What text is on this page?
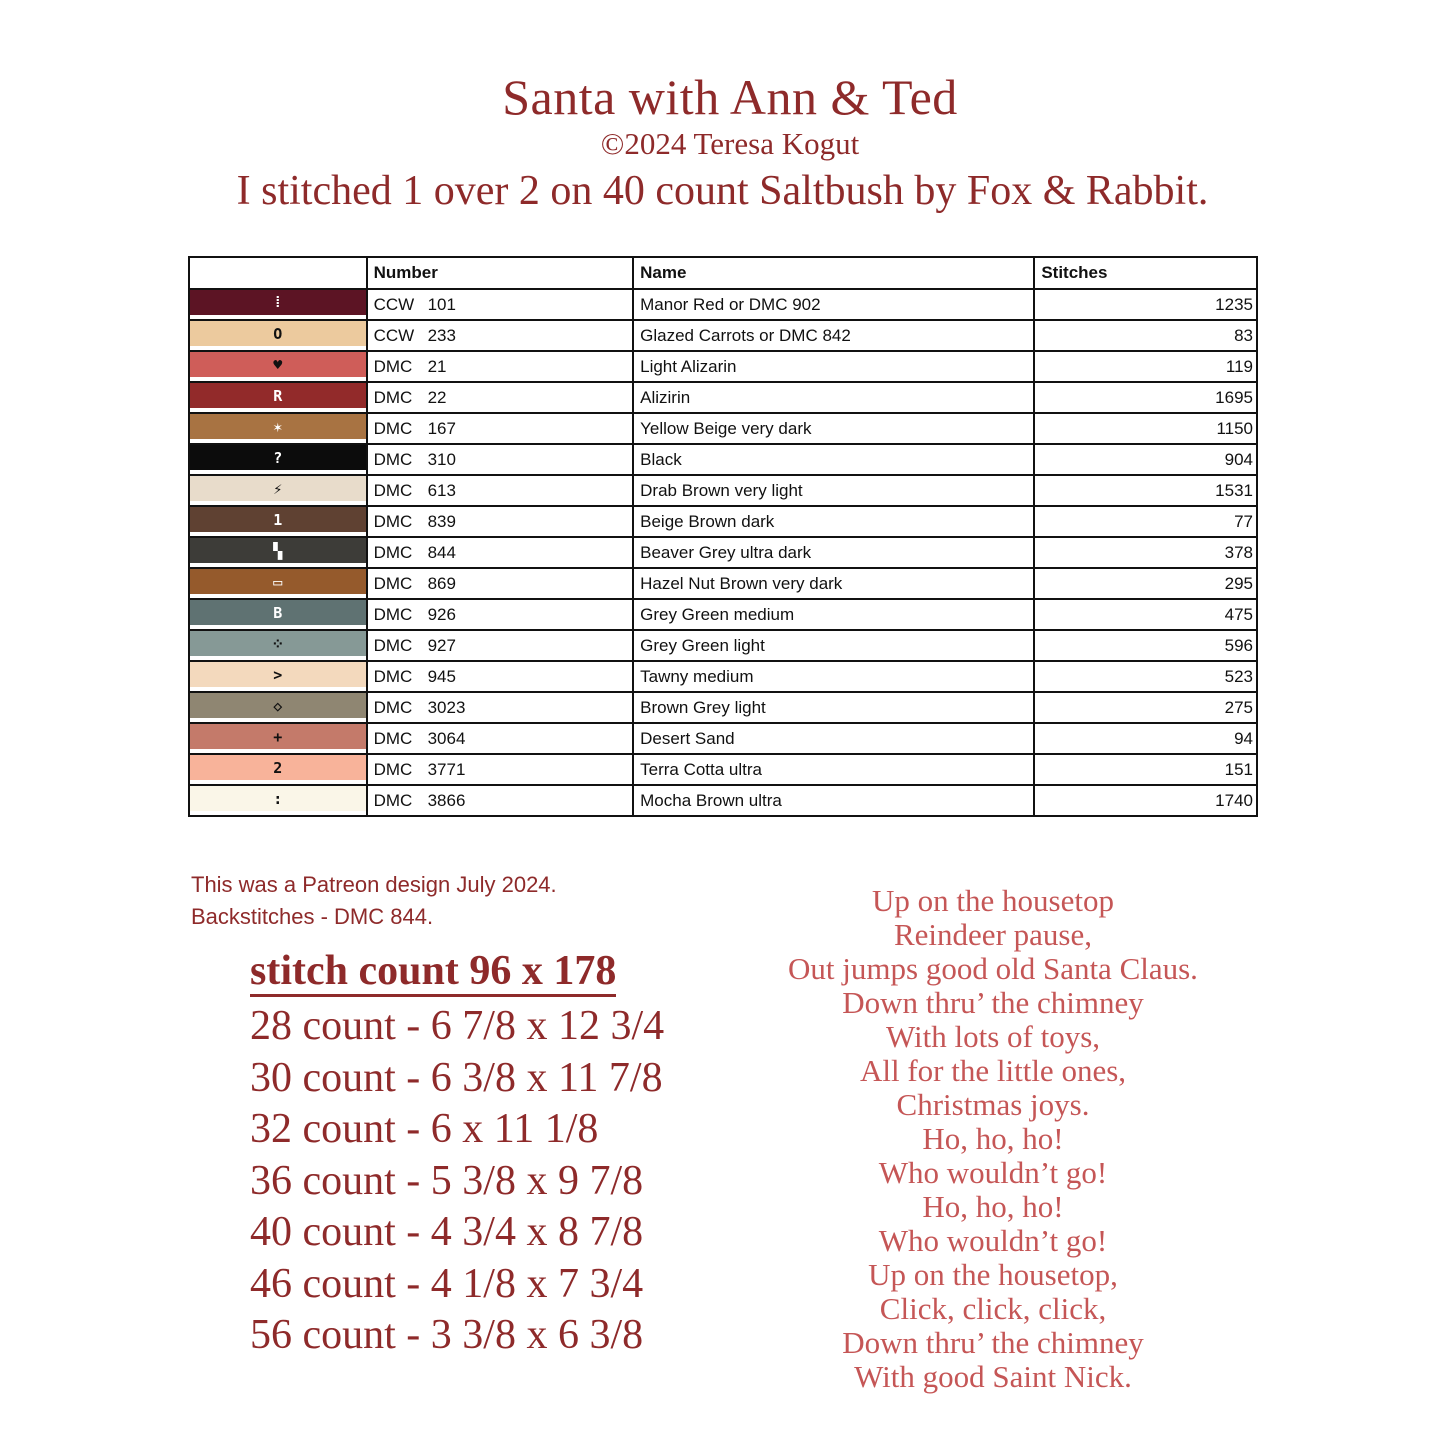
Santa with Ann & Ted
©2024 Teresa Kogut
I stitched 1 over 2 on 40 count Saltbush by Fox & Rabbit.
	Number	Name	Stitches

⁞	CCW 101	Manor Red or DMC 902	1235

O	CCW 233	Glazed Carrots or DMC 842	83

♥	DMC 21	Light Alizarin	119

R	DMC 22	Alizirin	1695

✶	DMC 167	Yellow Beige very dark	1150

?	DMC 310	Black	904

⚡	DMC 613	Drab Brown very light	1531

1	DMC 839	Beige Brown dark	77

▚	DMC 844	Beaver Grey ultra dark	378

▭	DMC 869	Hazel Nut Brown very dark	295

B	DMC 926	Grey Green medium	475

⁘	DMC 927	Grey Green light	596

>	DMC 945	Tawny medium	523

◇	DMC 3023	Brown Grey light	275

+	DMC 3064	Desert Sand	94

2	DMC 3771	Terra Cotta ultra	151

:	DMC 3866	Mocha Brown ultra	1740
This was a Patreon design July 2024.
Backstitches - DMC 844.
stitch count 96 x 178
28 count - 6 7/8 x 12 3/4
30 count - 6 3/8 x 11 7/8
32 count - 6 x 11 1/8
36 count - 5 3/8 x 9 7/8
40 count - 4 3/4 x 8 7/8
46 count - 4 1/8 x 7 3/4
56 count - 3 3/8 x 6 3/8
Up on the housetop
Reindeer pause,
Out jumps good old Santa Claus.
Down thru’ the chimney
With lots of toys,
All for the little ones,
Christmas joys.
Ho, ho, ho!
Who wouldn’t go!
Ho, ho, ho!
Who wouldn’t go!
Up on the housetop,
Click, click, click,
Down thru’ the chimney
With good Saint Nick.
